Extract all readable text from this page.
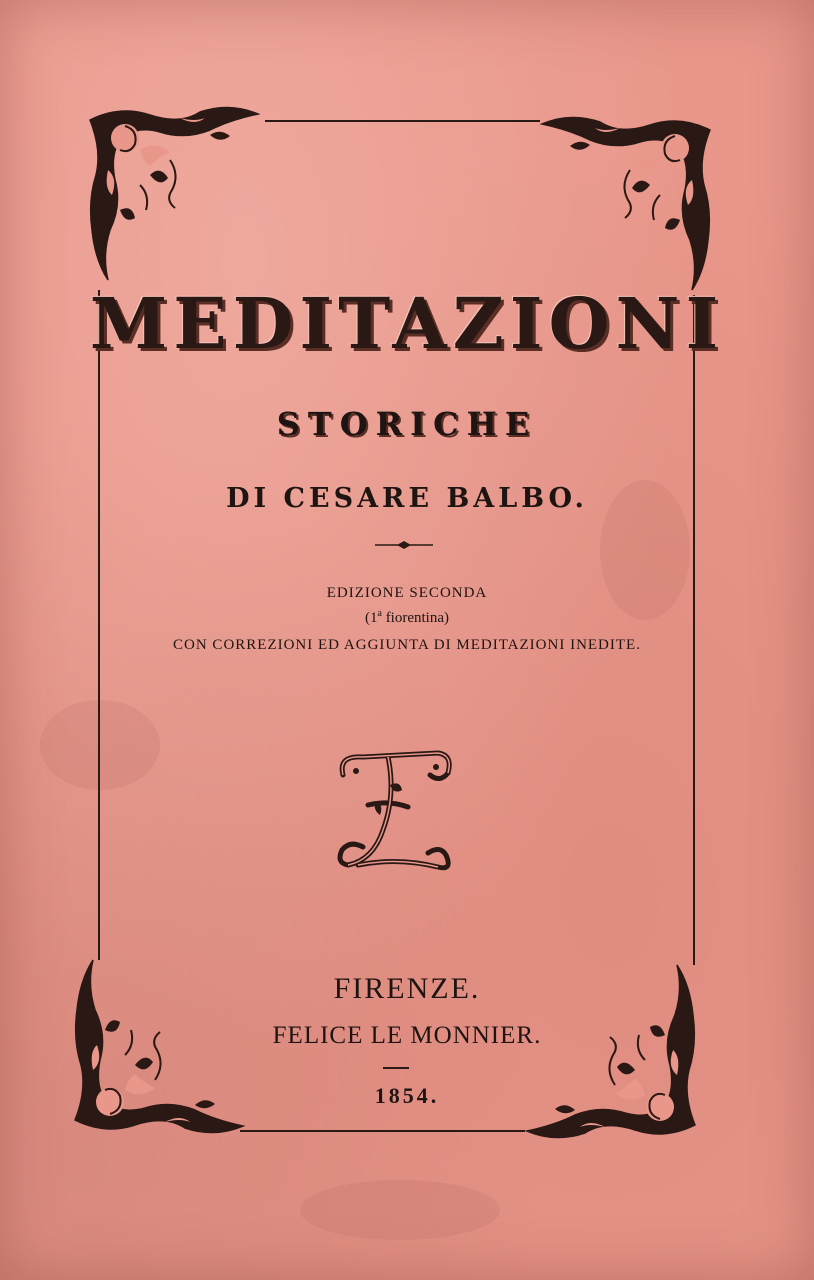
MEDITAZIONI
STORICHE
DI CESARE BALBO.
EDIZIONE SECONDA
(1$^a$ fiorentina)
CON CORREZIONI ED AGGIUNTA DI MEDITAZIONI INEDITE.
FIRENZE.
FELICE LE MONNIER.
1854.
